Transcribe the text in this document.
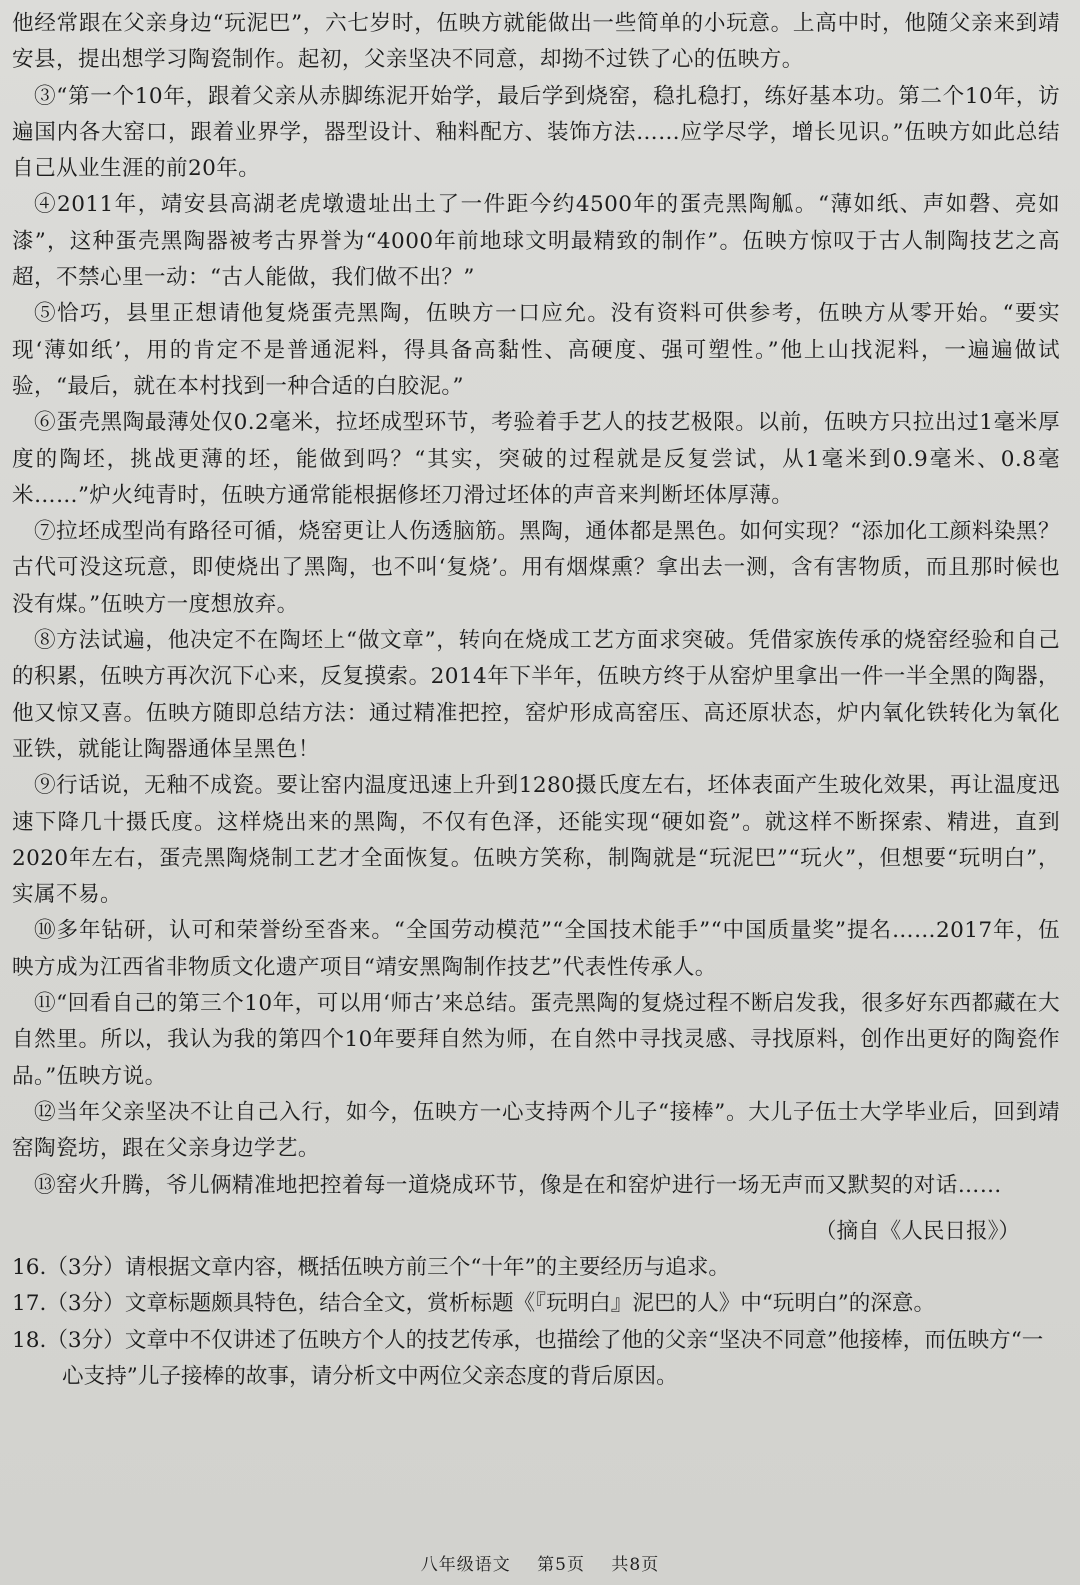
他经常跟在父亲身边“玩泥巴”，六七岁时，伍映方就能做出一些简单的小玩意。上高中时，他随父亲来到靖安县，提出想学习陶瓷制作。起初，父亲坚决不同意，却拗不过铁了心的伍映方。

③“第一个10年，跟着父亲从赤脚练泥开始学，最后学到烧窑，稳扎稳打，练好基本功。第二个10年，访遍国内各大窑口，跟着业界学，器型设计、釉料配方、装饰方法……应学尽学，增长见识。”伍映方如此总结自己从业生涯的前20年。

④2011年，靖安县高湖老虎墩遗址出土了一件距今约4500年的蛋壳黑陶觚。“薄如纸、声如磬、亮如漆”，这种蛋壳黑陶器被考古界誉为“4000年前地球文明最精致的制作”。伍映方惊叹于古人制陶技艺之高超，不禁心里一动：“古人能做，我们做不出？”

⑤恰巧，县里正想请他复烧蛋壳黑陶，伍映方一口应允。没有资料可供参考，伍映方从零开始。“要实现‘薄如纸’，用的肯定不是普通泥料，得具备高黏性、高硬度、强可塑性。”他上山找泥料，一遍遍做试验，“最后，就在本村找到一种合适的白胶泥。”

⑥蛋壳黑陶最薄处仅0.2毫米，拉坯成型环节，考验着手艺人的技艺极限。以前，伍映方只拉出过1毫米厚度的陶坯，挑战更薄的坯，能做到吗？“其实，突破的过程就是反复尝试，从1毫米到0.9毫米、0.8毫米……”炉火纯青时，伍映方通常能根据修坯刀滑过坯体的声音来判断坯体厚薄。

⑦拉坯成型尚有路径可循，烧窑更让人伤透脑筋。黑陶，通体都是黑色。如何实现？“添加化工颜料染黑？古代可没这玩意，即使烧出了黑陶，也不叫‘复烧’。用有烟煤熏？拿出去一测，含有害物质，而且那时候也没有煤。”伍映方一度想放弃。

⑧方法试遍，他决定不在陶坯上“做文章”，转向在烧成工艺方面求突破。凭借家族传承的烧窑经验和自己的积累，伍映方再次沉下心来，反复摸索。2014年下半年，伍映方终于从窑炉里拿出一件一半全黑的陶器，他又惊又喜。伍映方随即总结方法：通过精准把控，窑炉形成高窑压、高还原状态，炉内氧化铁转化为氧化亚铁，就能让陶器通体呈黑色！

⑨行话说，无釉不成瓷。要让窑内温度迅速上升到1280摄氏度左右，坯体表面产生玻化效果，再让温度迅速下降几十摄氏度。这样烧出来的黑陶，不仅有色泽，还能实现“硬如瓷”。就这样不断探索、精进，直到2020年左右，蛋壳黑陶烧制工艺才全面恢复。伍映方笑称，制陶就是“玩泥巴”“玩火”，但想要“玩明白”，实属不易。

⑩多年钻研，认可和荣誉纷至沓来。“全国劳动模范”“全国技术能手”“中国质量奖”提名……2017年，伍映方成为江西省非物质文化遗产项目“靖安黑陶制作技艺”代表性传承人。

⑪“回看自己的第三个10年，可以用‘师古’来总结。蛋壳黑陶的复烧过程不断启发我，很多好东西都藏在大自然里。所以，我认为我的第四个10年要拜自然为师，在自然中寻找灵感、寻找原料，创作出更好的陶瓷作品。”伍映方说。

⑫当年父亲坚决不让自己入行，如今，伍映方一心支持两个儿子“接棒”。大儿子伍士大学毕业后，回到靖窑陶瓷坊，跟在父亲身边学艺。

⑬窑火升腾，爷儿俩精准地把控着每一道烧成环节，像是在和窑炉进行一场无声而又默契的对话……

（摘自《人民日报》）

16.（3分）请根据文章内容，概括伍映方前三个“十年”的主要经历与追求。

17.（3分）文章标题颇具特色，结合全文，赏析标题《『玩明白』泥巴的人》中“玩明白”的深意。

18.（3分）文章中不仅讲述了伍映方个人的技艺传承，也描绘了他的父亲“坚决不同意”他接棒，而伍映方“一心支持”儿子接棒的故事，请分析文中两位父亲态度的背后原因。

八年级语文 第5页 共8页
